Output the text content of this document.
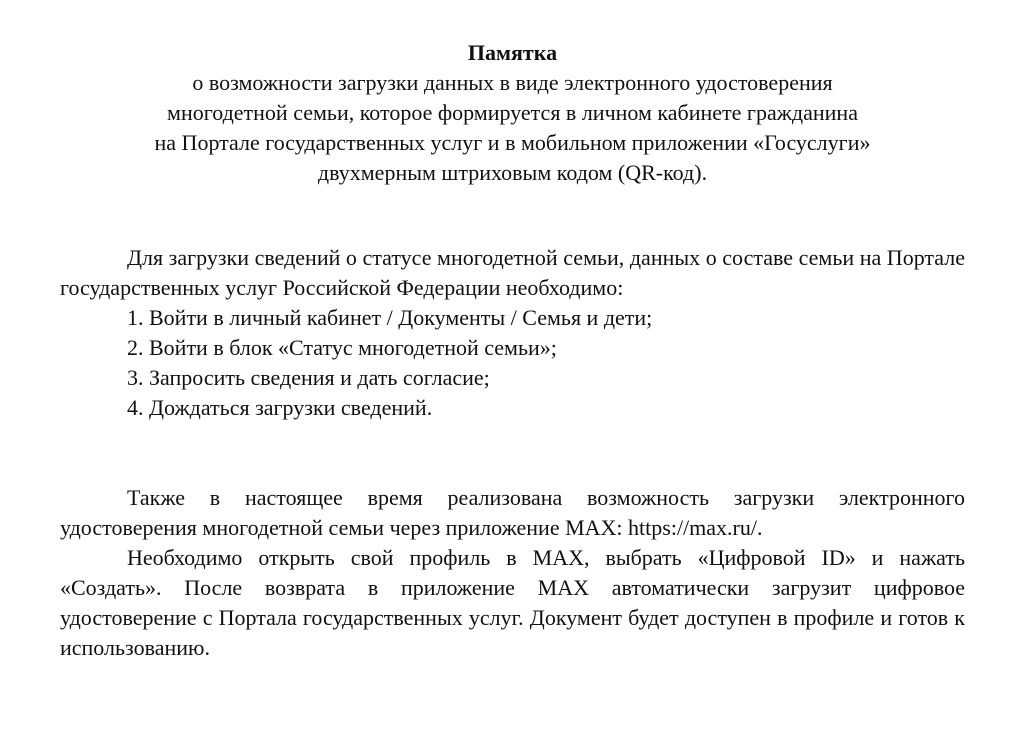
Памятка

о возможности загрузки данных в виде электронного удостоверения
многодетной семьи, которое формируется в личном кабинете гражданина
на Портале государственных услуг и в мобильном приложении «Госуслуги»
двухмерным штриховым кодом (QR-код).

Для загрузки сведений о статусе многодетной семьи, данных о составе семьи на Портале государственных услуг Российской Федерации необходимо:

1. Войти в личный кабинет / Документы / Семья и дети;
2. Войти в блок «Статус многодетной семьи»;
3. Запросить сведения и дать согласие;
4. Дождаться загрузки сведений.

Также в настоящее время реализована возможность загрузки электронного удостоверения многодетной семьи через приложение MAX: https://max.ru/.

Необходимо открыть свой профиль в MAX, выбрать «Цифровой ID» и нажать «Создать». После возврата в приложение MAX автоматически загрузит цифровое удостоверение с Портала государственных услуг. Документ будет доступен в профиле и готов к использованию.
